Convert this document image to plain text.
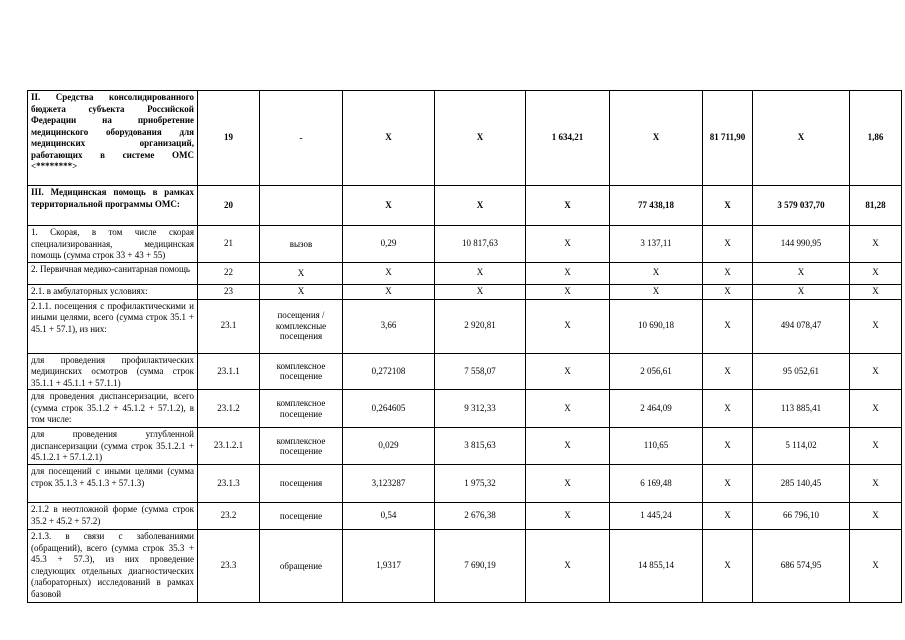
II. Средства консолидированного бюджета субъекта Российской Федерации на приобретение медицинского оборудования для медицинских организаций, работающих в системе ОМС <********>	19	-	X	X	1 634,21	X	81 711,90	X	1,86
III. Медицинская помощь в рамках территориальной программы ОМС:	20		X	X	X	77 438,18	X	3 579 037,70	81,28
1. Скорая, в том числе скорая специализированная, медицинская помощь (сумма строк 33 + 43 + 55)	21	вызов	0,29	10 817,63	X	3 137,11	X	144 990,95	X
2. Первичная медико-санитарная помощь	22	X	X	X	X	X	X	X	X
2.1. в амбулаторных условиях:	23	X	X	X	X	X	X	X	X
2.1.1. посещения с профилактическими и иными целями, всего (сумма строк 35.1 + 45.1 + 57.1), из них:	23.1	посещения / комплексные посещения	3,66	2 920,81	X	10 690,18	X	494 078,47	X
для проведения профилактических медицинских осмотров (сумма строк 35.1.1 + 45.1.1 + 57.1.1)	23.1.1	комплексное посещение	0,272108	7 558,07	X	2 056,61	X	95 052,61	X
для проведения диспансеризации, всего (сумма строк 35.1.2 + 45.1.2 + 57.1.2), в том числе:	23.1.2	комплексное посещение	0,264605	9 312,33	X	2 464,09	X	113 885,41	X
для проведения углубленной диспансеризации (сумма строк 35.1.2.1 + 45.1.2.1 + 57.1.2.1)	23.1.2.1	комплексное посещение	0,029	3 815,63	X	110,65	X	5 114,02	X
для посещений с иными целями (сумма строк 35.1.3 + 45.1.3 + 57.1.3)	23.1.3	посещения	3,123287	1 975,32	X	6 169,48	X	285 140,45	X
2.1.2 в неотложной форме (сумма строк 35.2 + 45.2 + 57.2)	23.2	посещение	0,54	2 676,38	X	1 445,24	X	66 796,10	X
2.1.3. в связи с заболеваниями (обращений), всего (сумма строк 35.3 + 45.3 + 57.3), из них проведение следующих отдельных диагностических (лабораторных) исследований в рамках базовой	23.3	обращение	1,9317	7 690,19	X	14 855,14	X	686 574,95	X
